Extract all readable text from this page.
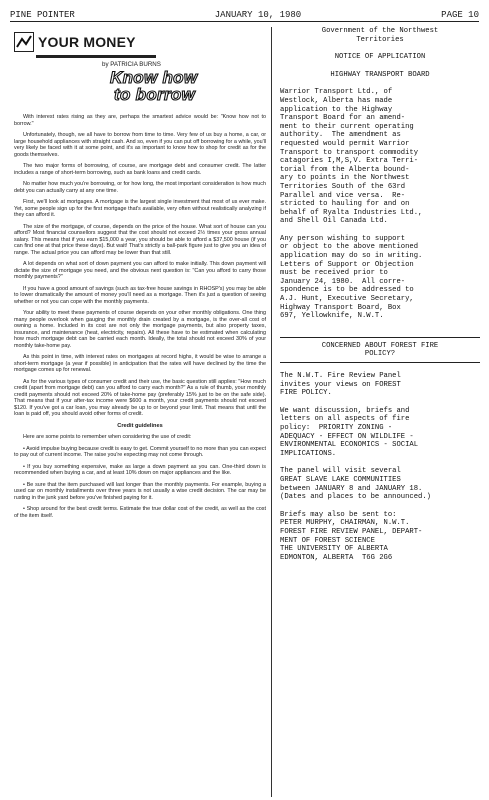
PINE POINTER	JANUARY 10, 1980	PAGE 10
YOUR MONEY
by PATRICIA BURNS
Know how
to borrow

With interest rates rising as they are, perhaps the smartest advice would be: "Know how not to borrow."

Unfortunately, though, we all have to borrow from time to time. Very few of us buy a home, a car, or large household appliances with straight cash. And so, even if you can put off borrowing for a while, you'll very likely be faced with it at some point, and it's as important to know how to shop for credit as for the goods themselves.

The two major forms of borrowing, of course, are mortgage debt and consumer credit. The latter includes a range of short-term borrowing, such as bank loans and credit cards.

No matter how much you're borrowing, or for how long, the most important consideration is how much debt you can actually carry at any one time.

First, we'll look at mortgages. A mortgage is the largest single investment that most of us ever make. Yet, some people sign up for the first mortgage that's available, very often without realistically analyzing if they can afford it.

The size of the mortgage, of course, depends on the price of the house. What sort of house can you afford? Most financial counsellors suggest that the cost should not exceed 2½ times your gross annual salary. This means that if you earn $15,000 a year, you should be able to afford a $37,500 house (if you can find one at that price these days). But wait! That's strictly a ball-park figure just to give you an idea of range. The actual price you can afford may be lower than that still.

A lot depends on what sort of down payment you can afford to make initially. This down payment will dictate the size of mortgage you need, and the obvious next question is: "Can you afford to carry those monthly payments?"

If you have a good amount of savings (such as tax-free house savings in RHOSP's) you may be able to lower dramatically the amount of money you'll need as a mortgage. Then it's just a question of seeing whether or not you can cope with the monthly payments.

Your ability to meet these payments of course depends on your other monthly obligations. One thing many people overlook when gauging the monthly drain created by a mortgage, is the over-all cost of owning a home. Included in its cost are not only the mortgage payments, but also property taxes, insurance, and maintenance (heat, electricity, repairs). All these have to be estimated when calculating how much mortgage debt can be carried each month. Ideally, the total should not exceed 30% of your monthly take-home pay.

As this point in time, with interest rates on mortgages at record highs, it would be wise to arrange a short-term mortgage (a year if possible) in anticipation that the rates will have declined by the time the mortgage comes up for renewal.

As for the various types of consumer credit and their use, the basic question still applies: "How much credit (apart from mortgage debt) can you afford to carry each month?" As a rule of thumb, your monthly credit payments should not exceed 20% of take-home pay (preferably 15% just to be on the safe side). That means that if your after-tax income were $600 a month, your credit payments should not exceed $120. If you've got a car loan, you may already be up to or beyond your limit. That means that until the loan is paid off, you should avoid other forms of credit.

Credit guidelines

Here are some points to remember when considering the use of credit:

• Avoid impulse buying because credit is easy to get. Commit yourself to no more than you can expect to pay out of current income. The raise you're expecting may not come through.

• If you buy something expensive, make as large a down payment as you can. One-third down is recommended when buying a car, and at least 10% down on major appliances and the like.

• Be sure that the item purchased will last longer than the monthly payments. For example, buying a used car on monthly installments over three years is not usually a wise credit decision. The car may be rusting in the junk yard before you've finished paying for it.

• Shop around for the best credit terms. Estimate the true dollar cost of the credit, as well as the cost of the item itself.

Government of the Northwest
Territories
NOTICE OF APPLICATION
HIGHWAY TRANSPORT BOARD

Warrior Transport Ltd., of
Westlock, Alberta has made
application to the Highway
Transport Board for an amend-
ment to their current operating
authority.  The amendment as
requested would permit Warrior
Transport to transport commodity
catagories I,M,S,V. Extra Terri-
torial from the Alberta bound-
ary to points in the Northwest
Territories South of the 63rd
Parallel and vice versa.  Re-
stricted to hauling for and on
behalf of Ryalta Industries Ltd.,
and Shell Oil Canada Ltd.

Any person wishing to support
or object to the above mentioned
application may do so in writing.
Letters of Support or Objection
must be received prior to
January 24, 1980.  All corre-
spondence is to be addressed to
A.J. Hunt, Executive Secretary,
Highway Transport Board, Box
697, Yellowknife, N.W.T.

CONCERNED ABOUT FOREST FIRE
POLICY?

The N.W.T. Fire Review Panel
invites your views on FOREST
FIRE POLICY.

We want discussion, briefs and
letters on all aspects of fire
policy:  PRIORITY ZONING -
ADEQUACY - EFFECT ON WILDLIFE -
ENVIRONMENTAL ECONOMICS - SOCIAL
IMPLICATIONS.

The panel will visit several
GREAT SLAVE LAKE COMMUNITIES
between JANUARY 8 and JANUARY 18.
(Dates and places to be announced.)

Briefs may also be sent to:
PETER MURPHY, CHAIRMAN, N.W.T.
FOREST FIRE REVIEW PANEL, DEPART-
MENT OF FOREST SCIENCE
THE UNIVERSITY OF ALBERTA
EDMONTON, ALBERTA  T6G 2G6
